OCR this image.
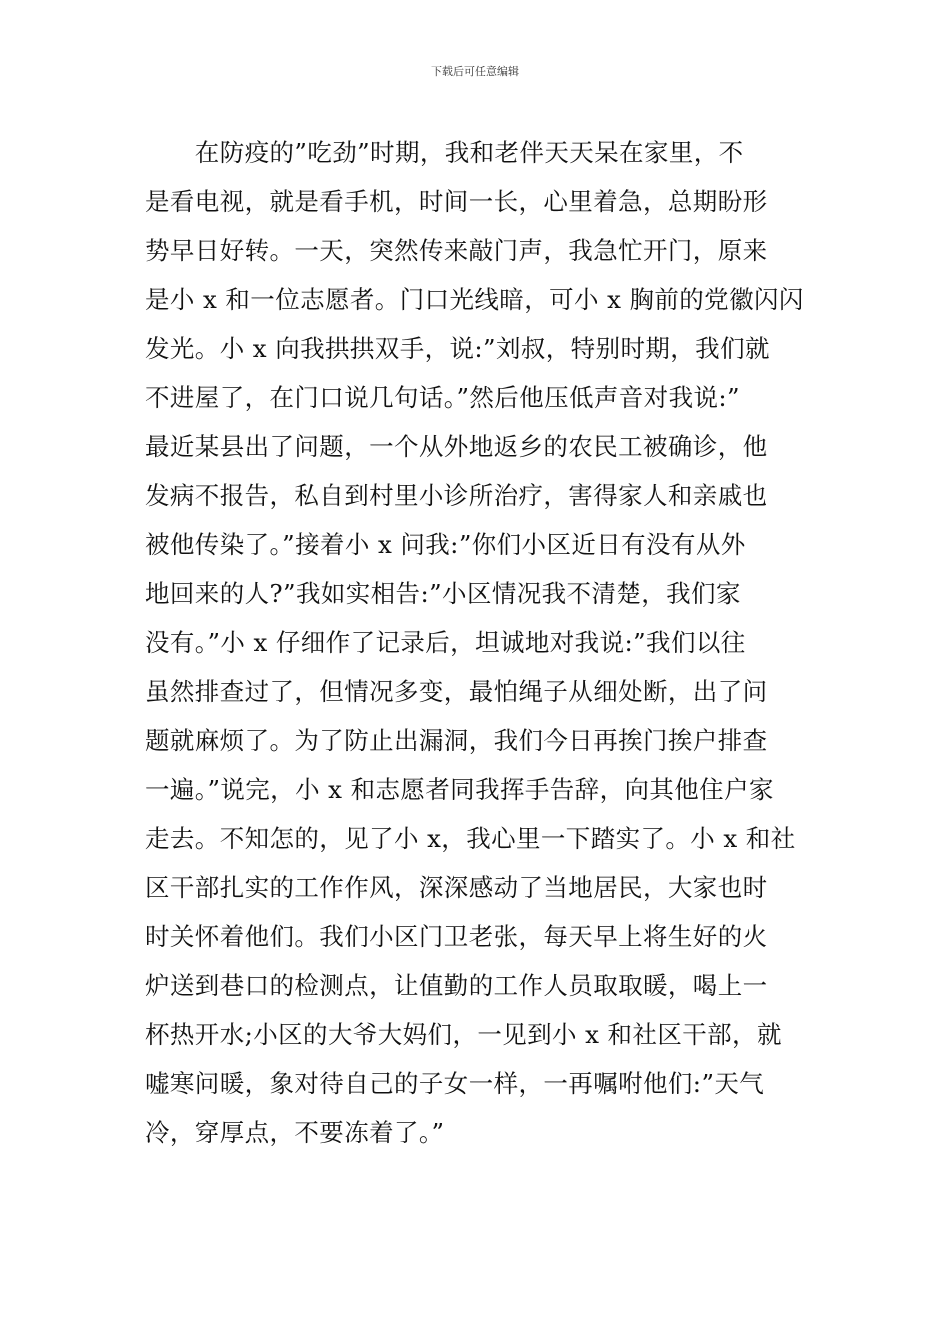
下载后可任意编辑
　　在防疫的”吃劲”时期，我和老伴天天呆在家里，不
是看电视，就是看手机，时间一长，心里着急，总期盼形
势早日好转。一天，突然传来敲门声，我急忙开门，原来
是小 x 和一位志愿者。门口光线暗，可小 x 胸前的党徽闪闪
发光。小 x 向我拱拱双手，说:”刘叔，特别时期，我们就
不进屋了，在门口说几句话。”然后他压低声音对我说:”
最近某县出了问题，一个从外地返乡的农民工被确诊，他
发病不报告，私自到村里小诊所治疗，害得家人和亲戚也
被他传染了。”接着小 x 问我:”你们小区近日有没有从外
地回来的人?”我如实相告:”小区情况我不清楚，我们家
没有。”小 x 仔细作了记录后，坦诚地对我说:”我们以往
虽然排查过了，但情况多变，最怕绳子从细处断，出了问
题就麻烦了。为了防止出漏洞，我们今日再挨门挨户排查
一遍。”说完，小 x 和志愿者同我挥手告辞，向其他住户家
走去。不知怎的，见了小 x，我心里一下踏实了。小 x 和社
区干部扎实的工作作风，深深感动了当地居民，大家也时
时关怀着他们。我们小区门卫老张，每天早上将生好的火
炉送到巷口的检测点，让值勤的工作人员取取暖，喝上一
杯热开水;小区的大爷大妈们，一见到小 x 和社区干部，就
嘘寒问暖，象对待自己的子女一样，一再嘱咐他们:”天气
冷，穿厚点，不要冻着了。”
